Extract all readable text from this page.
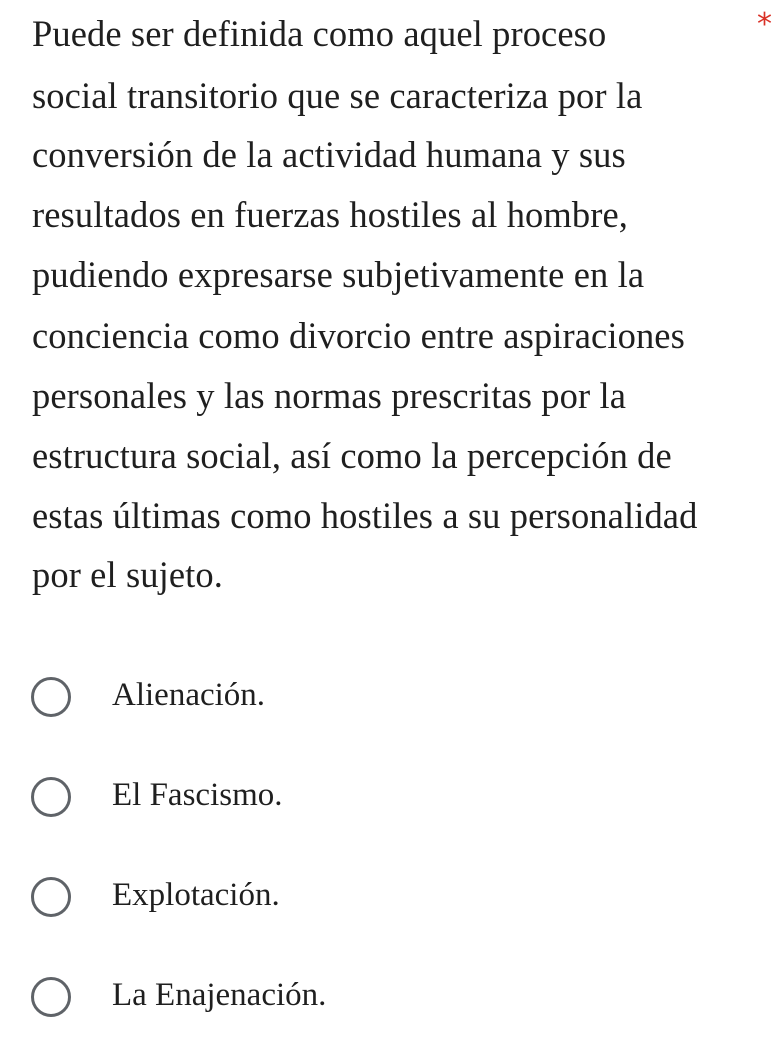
Puede ser definida como aquel proceso
social transitorio que se caracteriza por la
conversión de la actividad humana y sus
resultados en fuerzas hostiles al hombre,
pudiendo expresarse subjetivamente en la
conciencia como divorcio entre aspiraciones
personales y las normas prescritas por la
estructura social, así como la percepción de
estas últimas como hostiles a su personalidad
por el sujeto.
*
Alienación.
El Fascismo.
Explotación.
La Enajenación.
